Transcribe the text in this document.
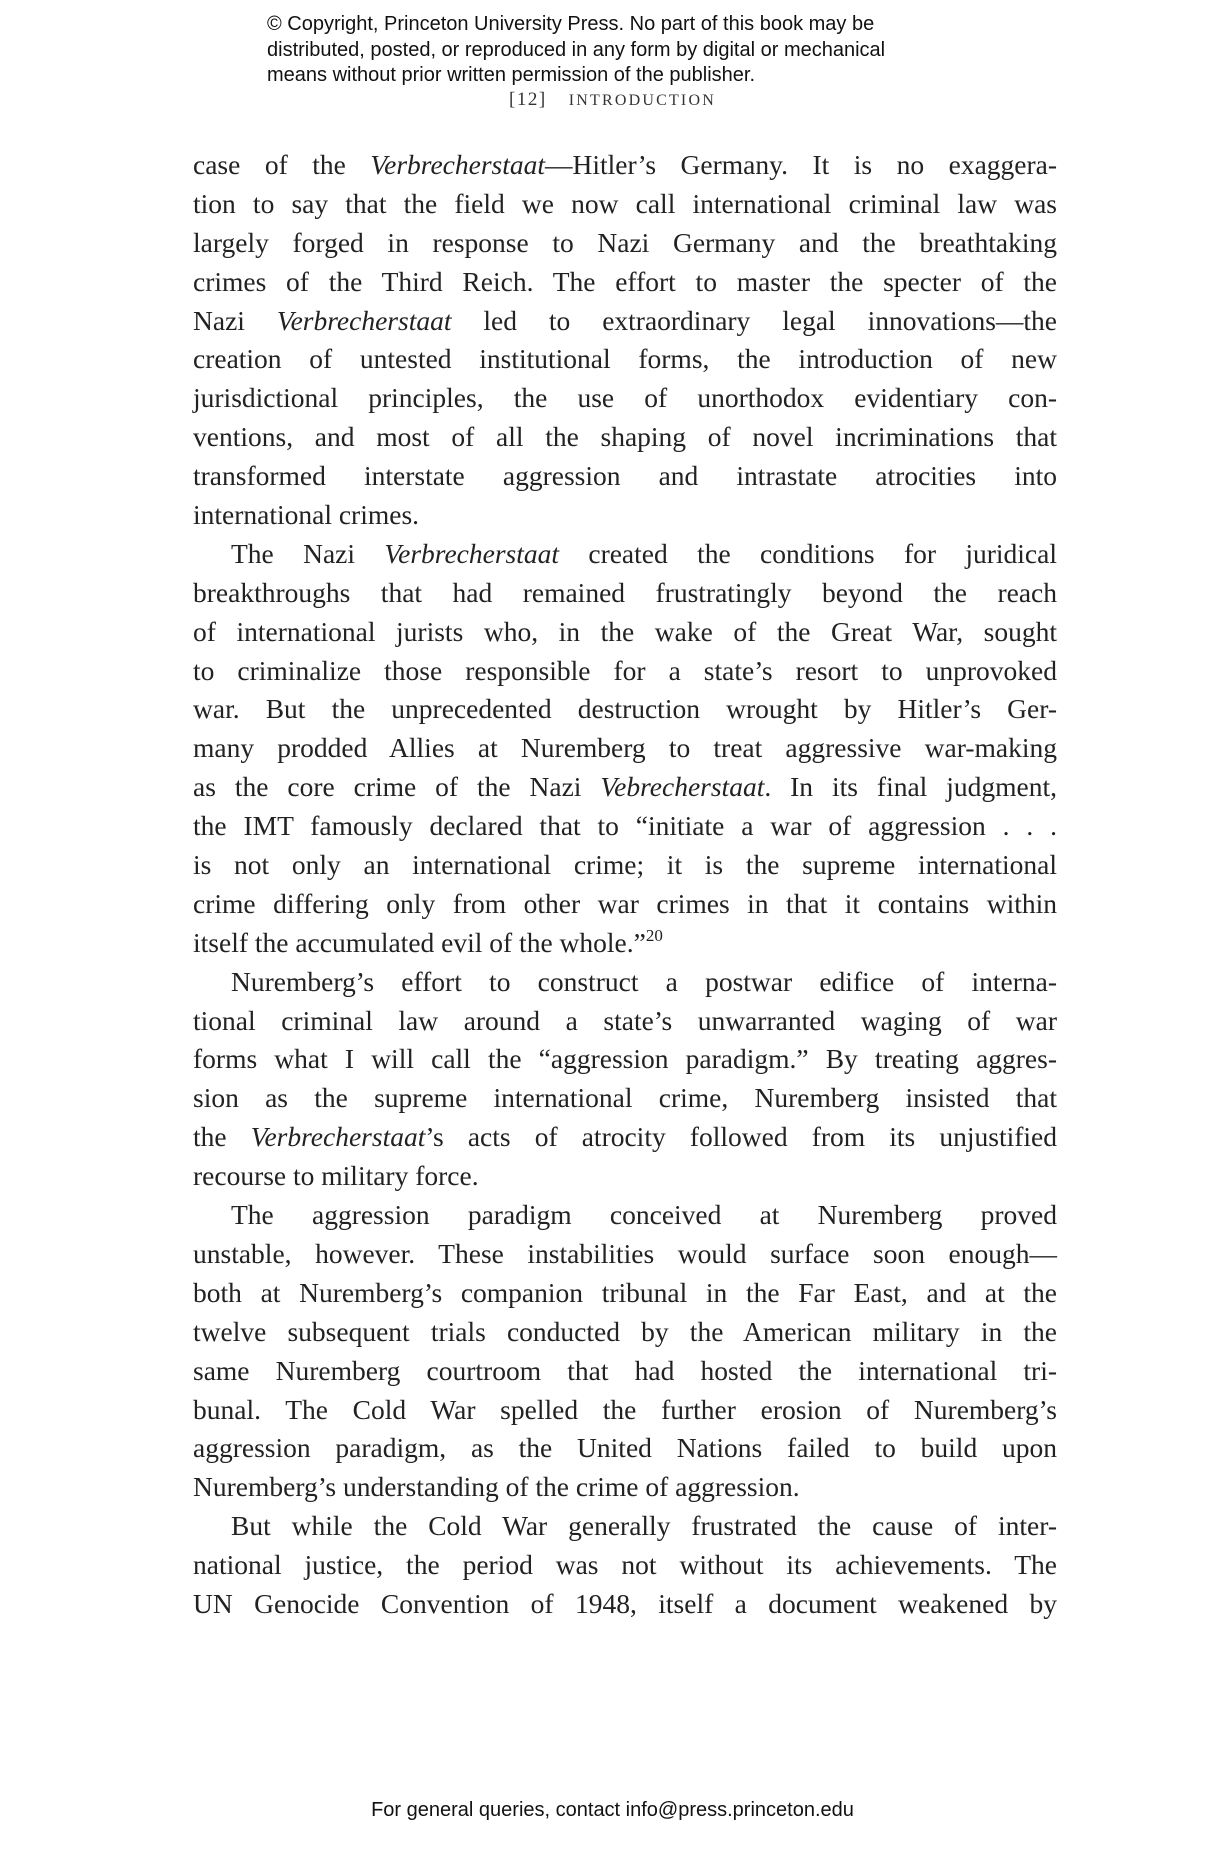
© Copyright, Princeton University Press. No part of this book may be
distributed, posted, or reproduced in any form by digital or mechanical
means without prior written permission of the publisher.
[12] INTRODUCTION
case of the Verbrecherstaat—Hitler’s Germany. It is no exaggera-
tion to say that the field we now call international criminal law was
largely forged in response to Nazi Germany and the breathtaking
crimes of the Third Reich. The effort to master the specter of the
Nazi Verbrecherstaat led to extraordinary legal innovations—the
creation of untested institutional forms, the introduction of new
jurisdictional principles, the use of unorthodox evidentiary con-
ventions, and most of all the shaping of novel incriminations that
transformed interstate aggression and intrastate atrocities into
international crimes.
The Nazi Verbrecherstaat created the conditions for juridical
breakthroughs that had remained frustratingly beyond the reach
of international jurists who, in the wake of the Great War, sought
to criminalize those responsible for a state’s resort to unprovoked
war. But the unprecedented destruction wrought by Hitler’s Ger-
many prodded Allies at Nuremberg to treat aggressive war-making
as the core crime of the Nazi Vebrecherstaat. In its final judgment,
the IMT famously declared that to “initiate a war of aggression . . .
is not only an international crime; it is the supreme international
crime differing only from other war crimes in that it contains within
itself the accumulated evil of the whole.”$^{20}$
Nuremberg’s effort to construct a postwar edifice of interna-
tional criminal law around a state’s unwarranted waging of war
forms what I will call the “aggression paradigm.” By treating aggres-
sion as the supreme international crime, Nuremberg insisted that
the Verbrecherstaat’s acts of atrocity followed from its unjustified
recourse to military force.
The aggression paradigm conceived at Nuremberg proved
unstable, however. These instabilities would surface soon enough—
both at Nuremberg’s companion tribunal in the Far East, and at the
twelve subsequent trials conducted by the American military in the
same Nuremberg courtroom that had hosted the international tri-
bunal. The Cold War spelled the further erosion of Nuremberg’s
aggression paradigm, as the United Nations failed to build upon
Nuremberg’s understanding of the crime of aggression.
But while the Cold War generally frustrated the cause of inter-
national justice, the period was not without its achievements. The
UN Genocide Convention of 1948, itself a document weakened by
For general queries, contact info@press.princeton.edu
